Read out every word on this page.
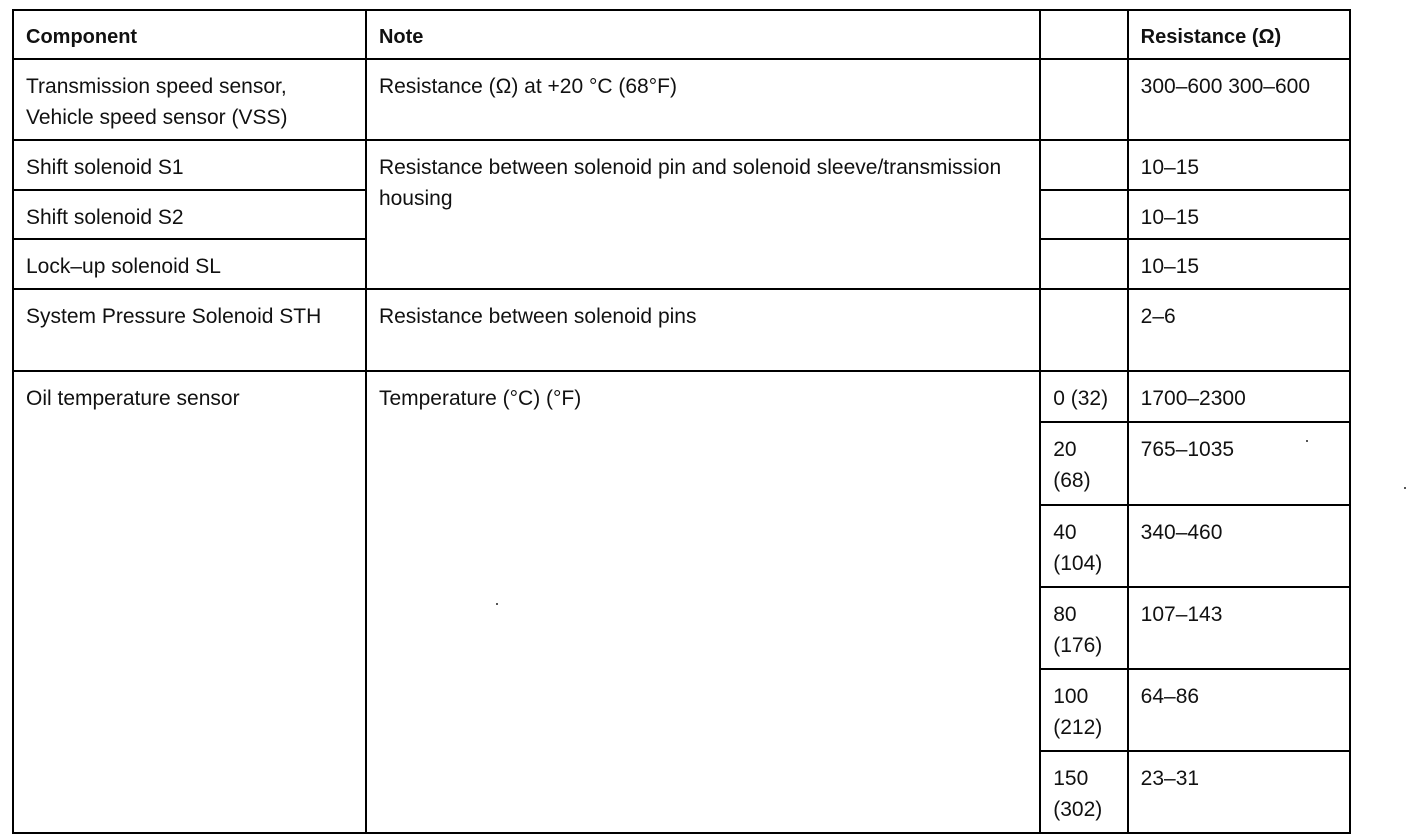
Component	Note		Resistance (Ω)
Transmission speed sensor, Vehicle speed sensor (VSS)	Resistance (Ω) at +20 °C (68°F)		300–600 300–600
Shift solenoid S1	Resistance between solenoid pin and solenoid sleeve/transmission housing		10–15
Shift solenoid S2			10–15
Lock–up solenoid SL			10–15
System Pressure Solenoid STH	Resistance between solenoid pins		2–6
Oil temperature sensor	Temperature (°C) (°F)	0 (32)	1700–2300
		20 (68)	765–1035
		40 (104)	340–460
		80 (176)	107–143
		100 (212)	64–86
		150 (302)	23–31
